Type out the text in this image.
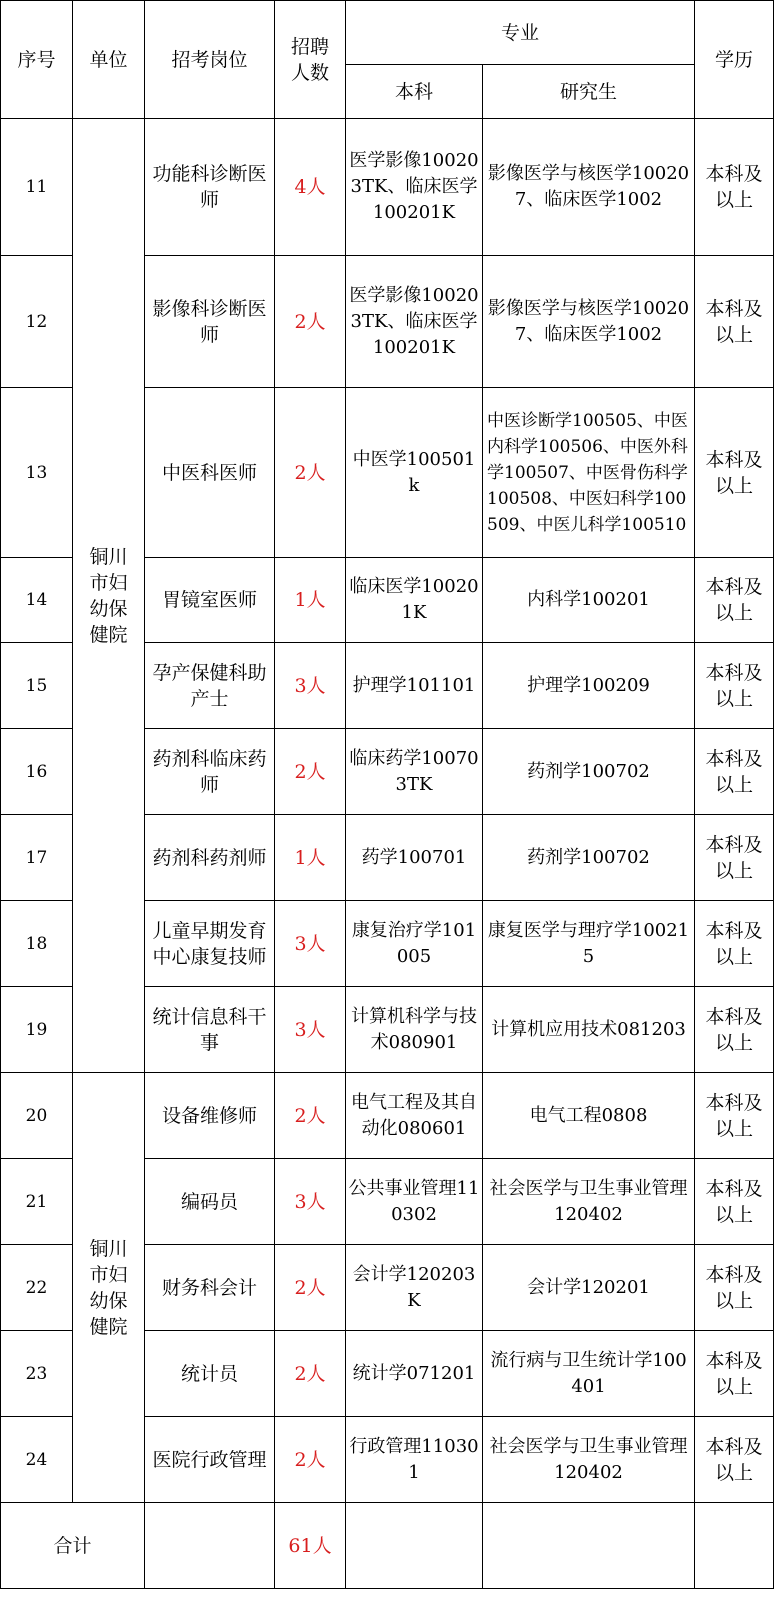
序号	单位	招考岗位	招聘人数	专业		学历
				本科	研究生	
11	铜川市妇幼保健院	功能科诊断医师	4人	医学影像100203TK、临床医学100201K	影像医学与核医学100207、临床医学1002	本科及以上
12		影像科诊断医师	2人	医学影像100203TK、临床医学100201K	影像医学与核医学100207、临床医学1002	本科及以上
13		中医科医师	2人	中医学100501k	中医诊断学100505、中医内科学100506、中医外科学100507、中医骨伤科学100508、中医妇科学100509、中医儿科学100510	本科及以上
14		胃镜室医师	1人	临床医学100201K	内科学100201	本科及以上
15		孕产保健科助产士	3人	护理学101101	护理学100209	本科及以上
16		药剂科临床药师	2人	临床药学100703TK	药剂学100702	本科及以上
17		药剂科药剂师	1人	药学100701	药剂学100702	本科及以上
18		儿童早期发育中心康复技师	3人	康复治疗学101005	康复医学与理疗学100215	本科及以上
19		统计信息科干事	3人	计算机科学与技术080901	计算机应用技术081203	本科及以上
20	铜川市妇幼保健院	设备维修师	2人	电气工程及其自动化080601	电气工程0808	本科及以上
21		编码员	3人	公共事业管理110302	社会医学与卫生事业管理120402	本科及以上
22		财务科会计	2人	会计学120203K	会计学120201	本科及以上
23		统计员	2人	统计学071201	流行病与卫生统计学100401	本科及以上
24		医院行政管理	2人	行政管理110301	社会医学与卫生事业管理120402	本科及以上
合计			61人			
